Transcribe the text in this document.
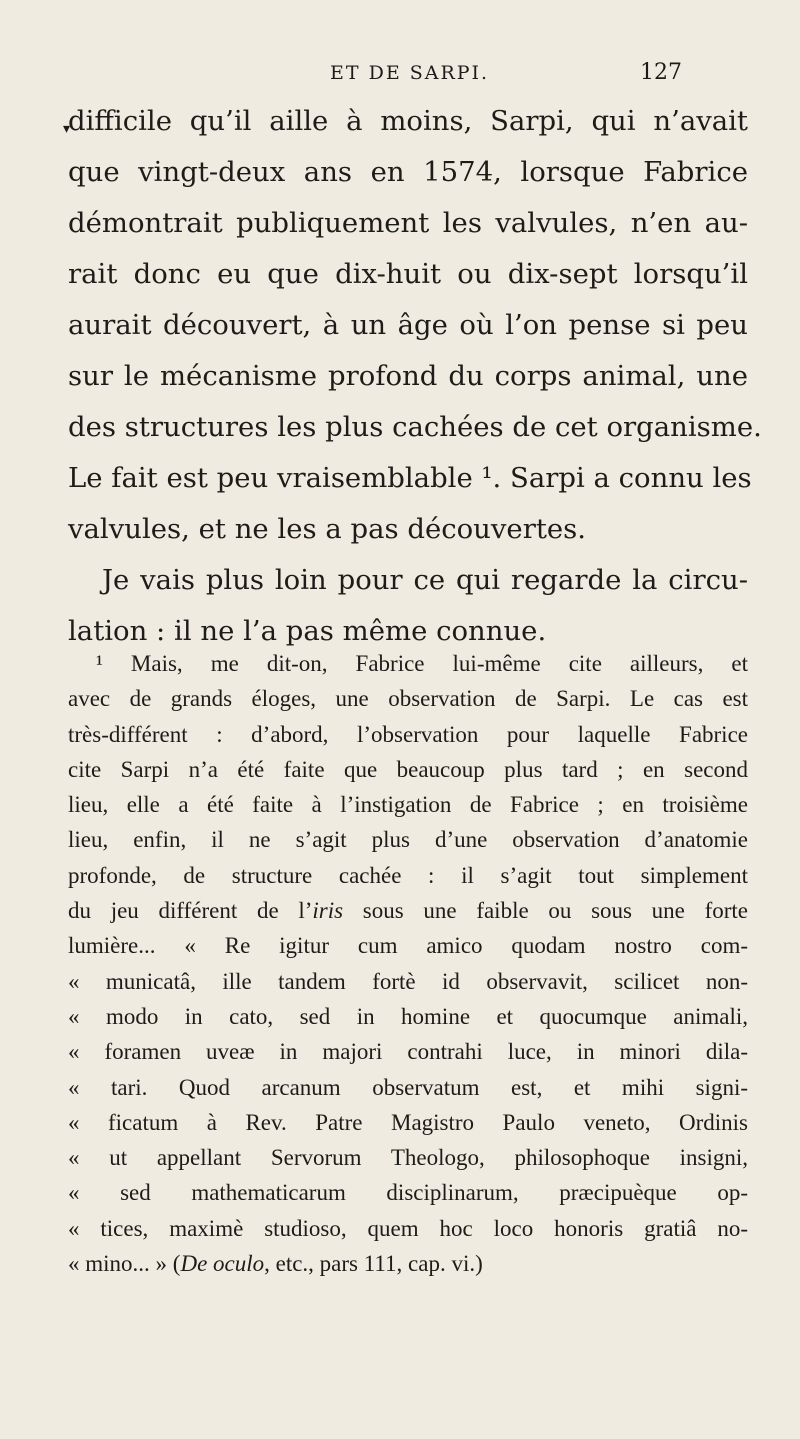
ET DE SARPI.	127
▾
difficile qu’il aille à moins, Sarpi, qui n’avait
que vingt-deux ans en 1574, lorsque Fabrice
démontrait publiquement les valvules, n’en au-
rait donc eu que dix-huit ou dix-sept lorsqu’il
aurait découvert, à un âge où l’on pense si peu
sur le mécanisme profond du corps animal, une
des structures les plus cachées de cet organisme.
Le fait est peu vraisemblable ¹. Sarpi a connu les
valvules, et ne les a pas découvertes.
Je vais plus loin pour ce qui regarde la circu-
lation : il ne l’a pas même connue.
¹ Mais, me dit-on, Fabrice lui-même cite ailleurs, et
avec de grands éloges, une observation de Sarpi. Le cas est
très-différent : d’abord, l’observation pour laquelle Fabrice
cite Sarpi n’a été faite que beaucoup plus tard ; en second
lieu, elle a été faite à l’instigation de Fabrice ; en troisième
lieu, enfin, il ne s’agit plus d’une observation d’anatomie
profonde, de structure cachée : il s’agit tout simplement
du jeu différent de l’iris sous une faible ou sous une forte
lumière... « Re igitur cum amico quodam nostro com-
« municatâ, ille tandem fortè id observavit, scilicet non-
« modo in cato, sed in homine et quocumque animali,
« foramen uveæ in majori contrahi luce, in minori dila-
« tari. Quod arcanum observatum est, et mihi signi-
« ficatum à Rev. Patre Magistro Paulo veneto, Ordinis
« ut appellant Servorum Theologo, philosophoque insigni,
« sed mathematicarum disciplinarum, præcipuèque op-
« tices, maximè studioso, quem hoc loco honoris gratiâ no-
« mino... » (De oculo, etc., pars 111, cap. vi.)
